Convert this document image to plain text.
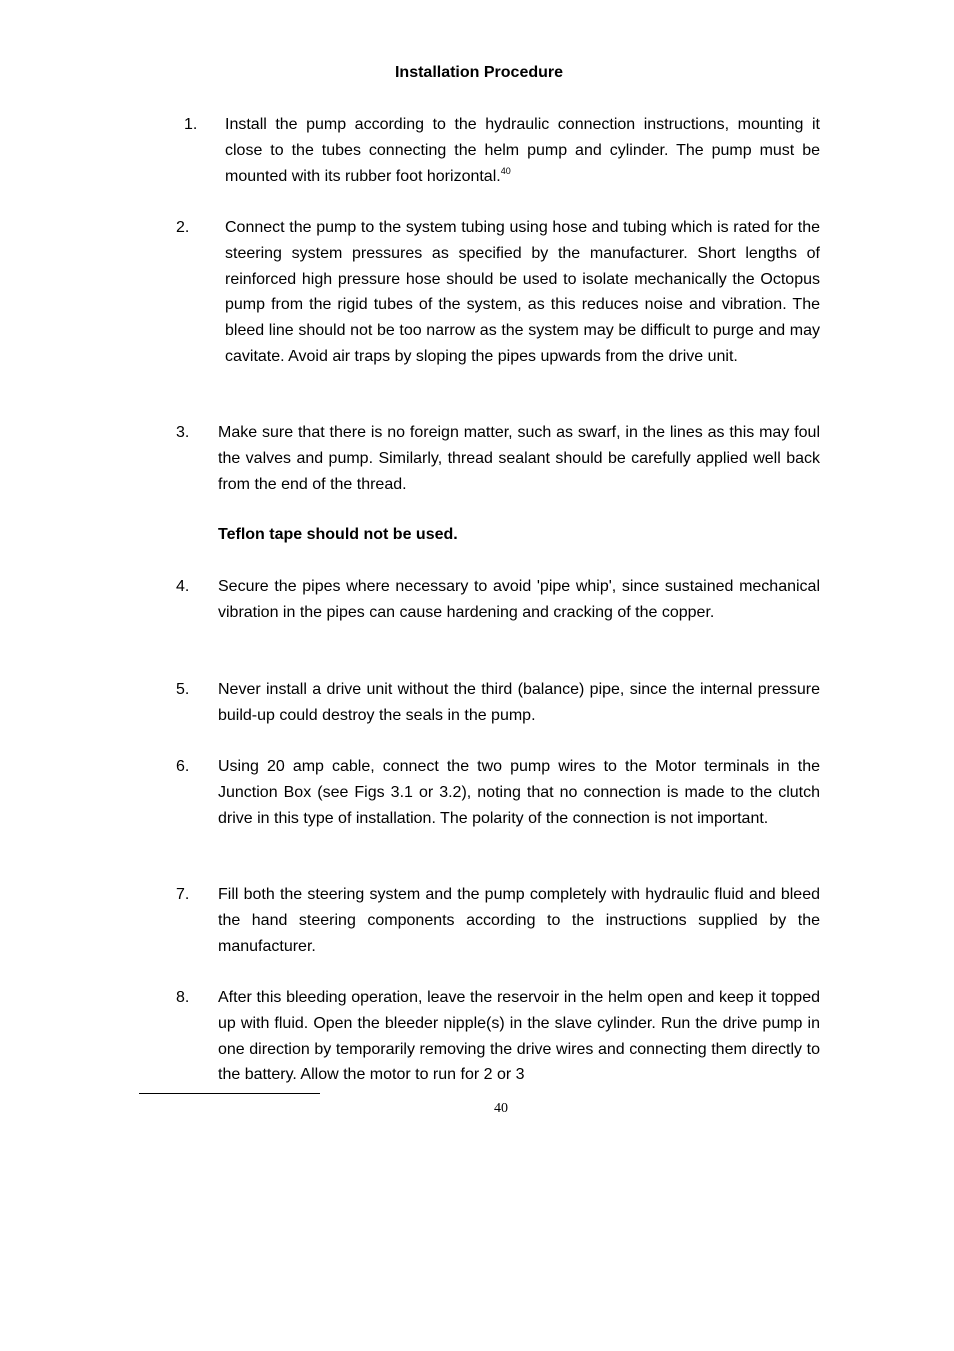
Installation Procedure
1. Install the pump according to the hydraulic connection instructions, mounting it close to the tubes connecting the helm pump and cylinder. The pump must be mounted with its rubber foot horizontal.$^{40}$
2. Connect the pump to the system tubing using hose and tubing which is rated for the steering system pressures as specified by the manufacturer. Short lengths of reinforced high pressure hose should be used to isolate mechanically the Octopus pump from the rigid tubes of the system, as this reduces noise and vibration. The bleed line should not be too narrow as the system may be difficult to purge and may cavitate. Avoid air traps by sloping the pipes upwards from the drive unit.
3. Make sure that there is no foreign matter, such as swarf, in the lines as this may foul the valves and pump. Similarly, thread sealant should be carefully applied well back from the end of the thread.
Teflon tape should not be used.
4. Secure the pipes where necessary to avoid 'pipe whip', since sustained mechanical vibration in the pipes can cause hardening and cracking of the copper.
5. Never install a drive unit without the third (balance) pipe, since the internal pressure build-up could destroy the seals in the pump.
6. Using 20 amp cable, connect the two pump wires to the Motor terminals in the Junction Box (see Figs 3.1 or 3.2), noting that no connection is made to the clutch drive in this type of installation. The polarity of the connection is not important.
7. Fill both the steering system and the pump completely with hydraulic fluid and bleed the hand steering components according to the instructions supplied by the manufacturer.
8. After this bleeding operation, leave the reservoir in the helm open and keep it topped up with fluid. Open the bleeder nipple(s) in the slave cylinder. Run the drive pump in one direction by temporarily removing the drive wires and connecting them directly to the battery. Allow the motor to run for 2 or 3
40
